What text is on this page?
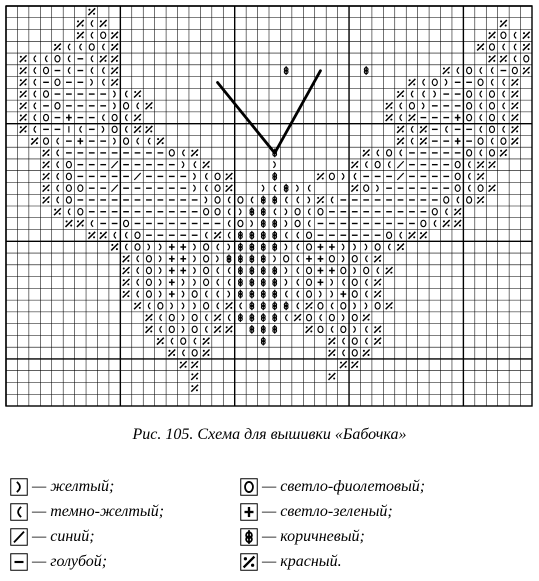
Рис. 105. Схема для вышивки «Бабочка»
— желтый;
— темно-желтый;
— синий;
— голубой;
— светло-фиолетовый;
— светло-зеленый;
— коричневый;
— красный.
